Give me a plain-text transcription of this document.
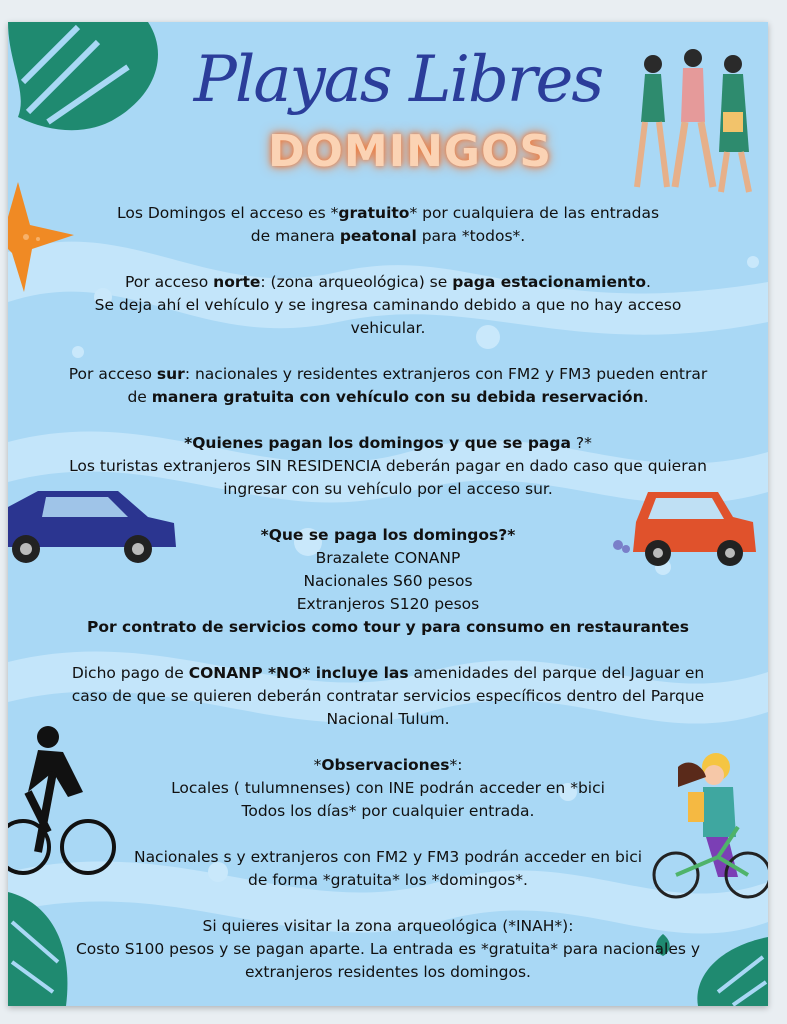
Playas Libres
DOMINGOS

Los Domingos el acceso es *gratuito* por cualquiera de las entradas

de manera peatonal para *todos*.

Por acceso norte: (zona arqueológica) se paga estacionamiento.

Se deja ahí el vehículo y se ingresa caminando debido a que no hay acceso

vehicular.

Por acceso sur: nacionales y residentes extranjeros con FM2 y FM3 pueden entrar

de manera gratuita con vehículo con su debida reservación.

*Quienes pagan los domingos y que se paga ?*

Los turistas extranjeros SIN RESIDENCIA deberán pagar en dado caso que quieran

ingresar con su vehículo por el acceso sur.

*Que se paga los domingos?*

Brazalete CONANP

Nacionales S60 pesos

Extranjeros S120 pesos

Por contrato de servicios como tour y para consumo en restaurantes

Dicho pago de CONANP *NO* incluye las amenidades del parque del Jaguar en

caso de que se quieren deberán contratar servicios específicos dentro del Parque

Nacional Tulum.

*Observaciones*:

Locales ( tulumnenses) con INE podrán acceder en *bici

Todos los días* por cualquier entrada.

Nacionales s y extranjeros con FM2 y FM3 podrán acceder en bici

de forma *gratuita* los *domingos*.

Si quieres visitar la zona arqueológica (*INAH*):

Costo S100 pesos y se pagan aparte. La entrada es *gratuita* para nacionales y

extranjeros residentes los domingos.
